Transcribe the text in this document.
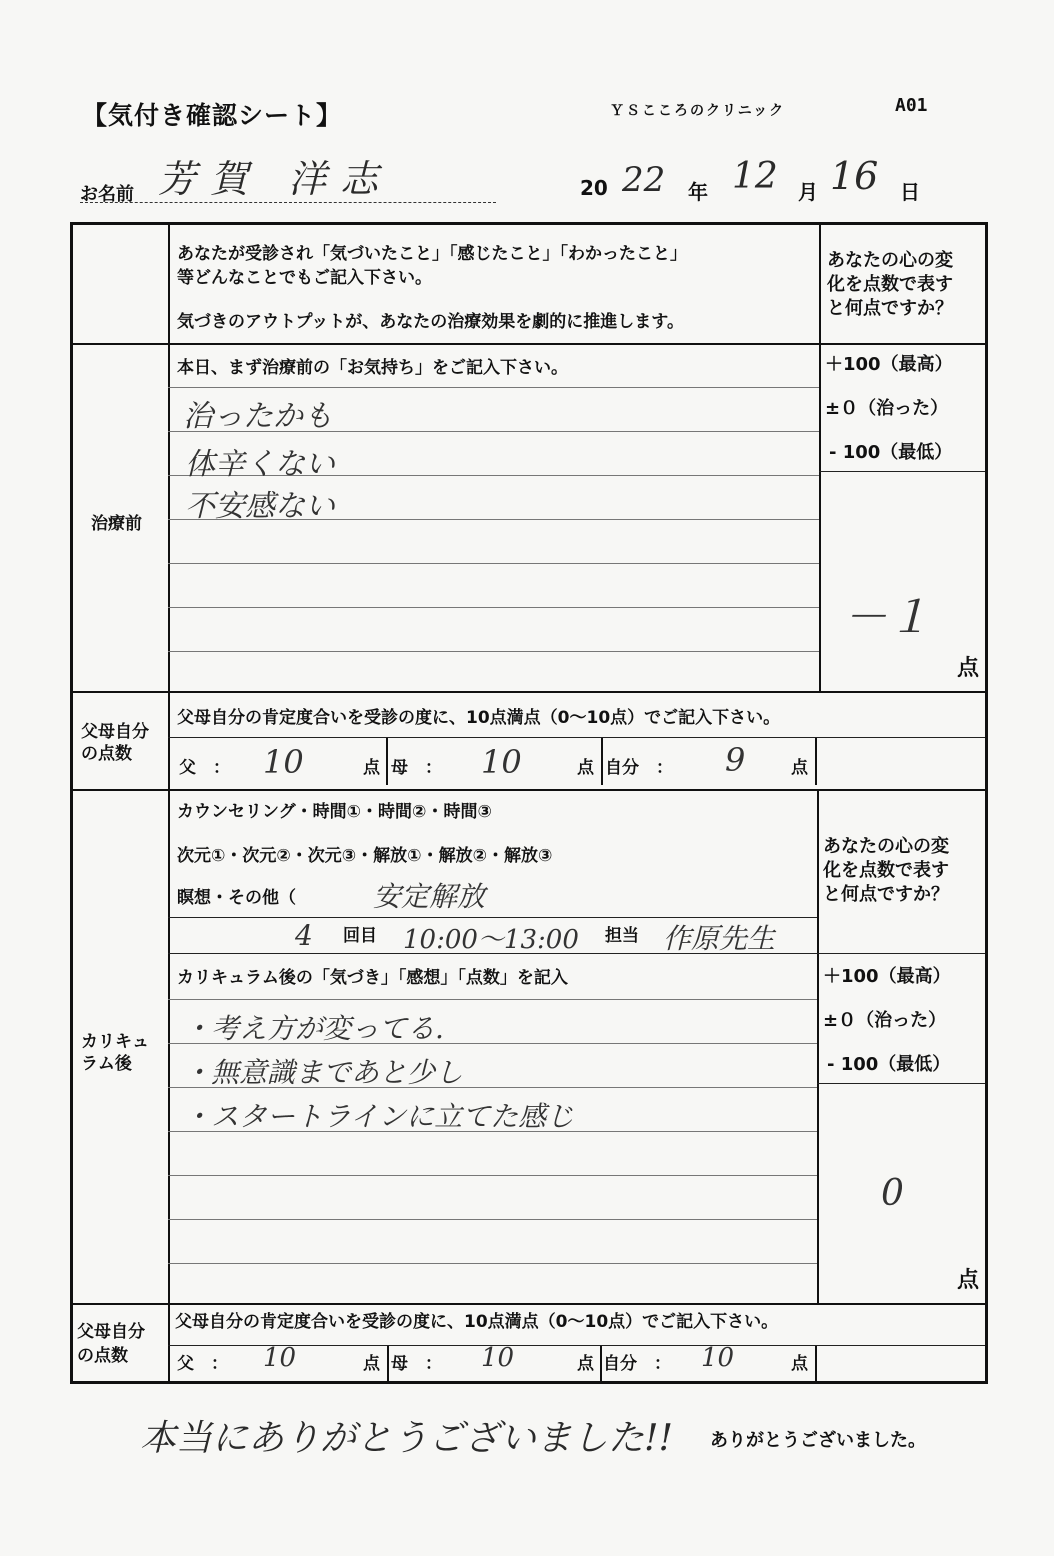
【気付き確認シート】	ＹＳこころのクリニック	A01
お名前 芳賀 洋志	20 22 年 12 月 16 日
あなたが受診され「気づいたこと」「感じたこと」「わかったこと」
等どんなことでもご記入下さい。
気づきのアウトプットが、あなたの治療効果を劇的に推進します。
あなたの心の変
化を点数で表す
と何点ですか？
治療前
本日、まず治療前の「お気持ち」をご記入下さい。
治ったかも
体辛くない
不安感ない
＋100（最高）
±０（治った）
- 100（最低）
－１
点
父母自分
の点数
父母自分の肯定度合いを受診の度に、10点満点（0～10点）でご記入下さい。
父　： 10	点 母　： 10	点 自分　： 9	点
カリキュ
ラム後
カウンセリング・時間①・時間②・時間③
次元①・次元②・次元③・解放①・解放②・解放③
瞑想・その他（	安定解放
4 回目 10:00～13:00 担当 作原先生
カリキュラム後の「気づき」「感想」「点数」を記入
・考え方が変ってる.
・無意識まであと少し
・スタートラインに立てた感じ
あなたの心の変
化を点数で表す
と何点ですか？
＋100（最高）
±０（治った）
- 100（最低）
0
点
父母自分
の点数
父母自分の肯定度合いを受診の度に、10点満点（0～10点）でご記入下さい。
父　： 10	点 母　： 10	点 自分　： 10	点
本当にありがとうございました!! ありがとうございました。
